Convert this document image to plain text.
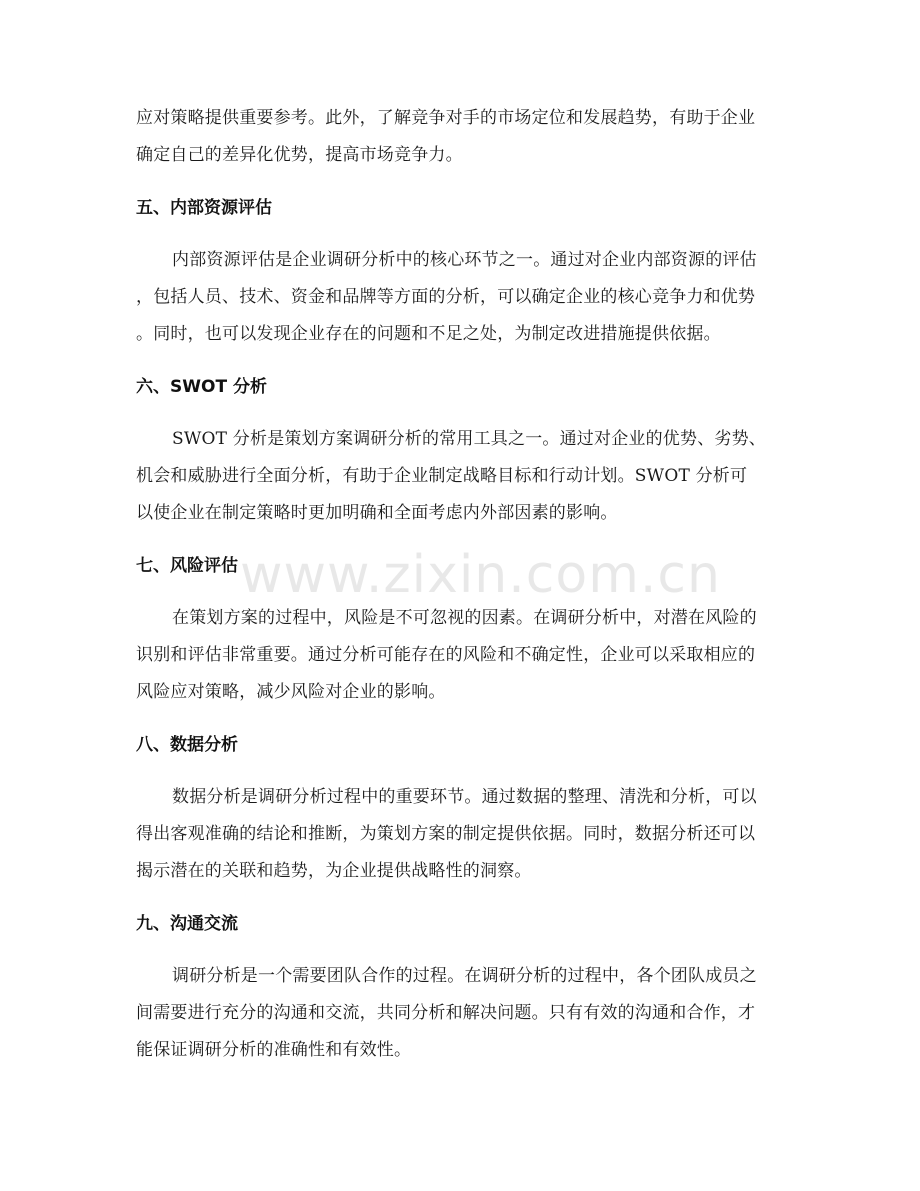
应对策略提供重要参考。此外，了解竞争对手的市场定位和发展趋势，有助于企业
确定自己的差异化优势，提高市场竞争力。

五、内部资源评估

内部资源评估是企业调研分析中的核心环节之一。通过对企业内部资源的评估
，包括人员、技术、资金和品牌等方面的分析，可以确定企业的核心竞争力和优势
。同时，也可以发现企业存在的问题和不足之处，为制定改进措施提供依据。

六、SWOT 分析

SWOT 分析是策划方案调研分析的常用工具之一。通过对企业的优势、劣势、
机会和威胁进行全面分析，有助于企业制定战略目标和行动计划。SWOT 分析可
以使企业在制定策略时更加明确和全面考虑内外部因素的影响。

七、风险评估

在策划方案的过程中，风险是不可忽视的因素。在调研分析中，对潜在风险的
识别和评估非常重要。通过分析可能存在的风险和不确定性，企业可以采取相应的
风险应对策略，减少风险对企业的影响。

八、数据分析

数据分析是调研分析过程中的重要环节。通过数据的整理、清洗和分析，可以
得出客观准确的结论和推断，为策划方案的制定提供依据。同时，数据分析还可以
揭示潜在的关联和趋势，为企业提供战略性的洞察。

九、沟通交流

调研分析是一个需要团队合作的过程。在调研分析的过程中，各个团队成员之
间需要进行充分的沟通和交流，共同分析和解决问题。只有有效的沟通和合作，才
能保证调研分析的准确性和有效性。

www.zixin.com.cn
